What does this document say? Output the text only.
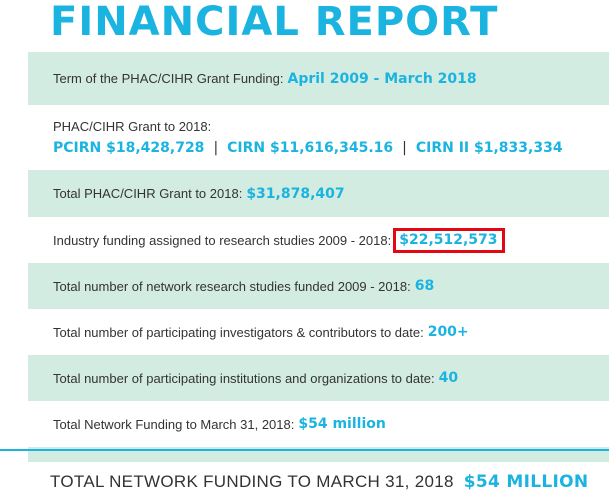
FINANCIAL REPORT
Term of the PHAC/CIHR Grant Funding: April 2009 - March 2018
PHAC/CIHR Grant to 2018:
PCIRN $18,428,728 | CIRN $11,616,345.16 | CIRN II $1,833,334
Total PHAC/CIHR Grant to 2018: $31,878,407
Industry funding assigned to research studies 2009 - 2018: $22,512,573
Total number of network research studies funded 2009 - 2018: 68
Total number of participating investigators & contributors to date: 200+
Total number of participating institutions and organizations to date: 40
Total Network Funding to March 31, 2018: $54 million
TOTAL NETWORK FUNDING TO MARCH 31, 2018 $54 MILLION
